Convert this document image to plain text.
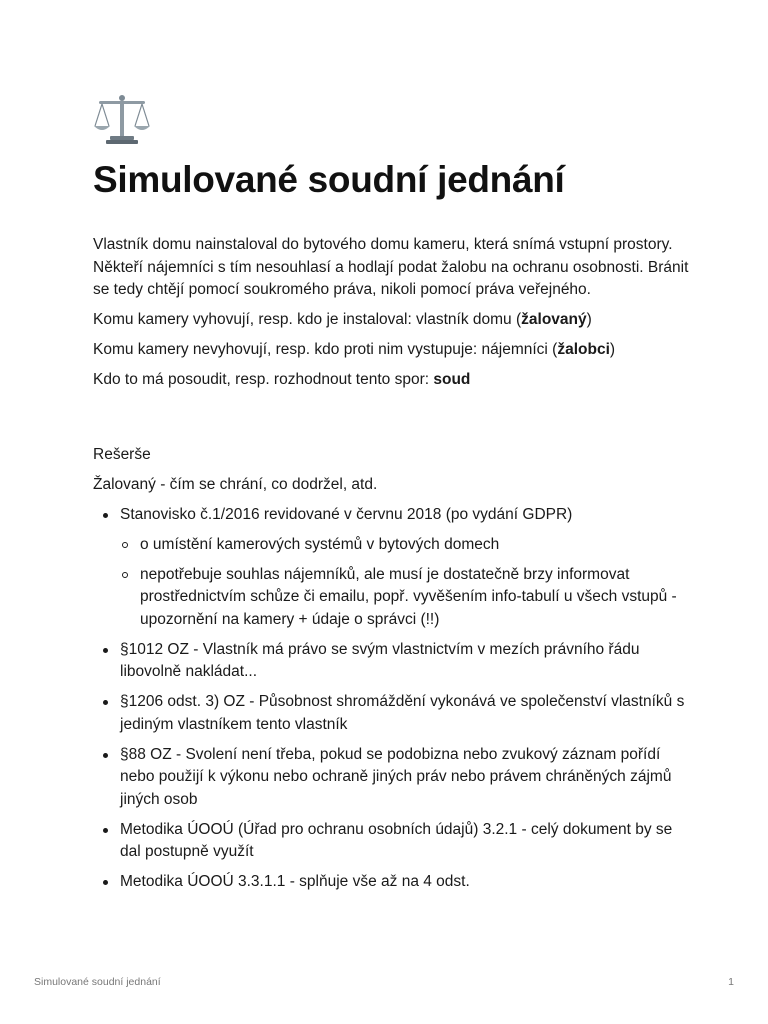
Simulované soudní jednání

Vlastník domu nainstaloval do bytového domu kameru, která snímá vstupní prostory. Někteří nájemníci s tím nesouhlasí a hodlají podat žalobu na ochranu osobnosti. Bránit se tedy chtějí pomocí soukromého práva, nikoli pomocí práva veřejného.

Komu kamery vyhovují, resp. kdo je instaloval: vlastník domu (žalovaný)

Komu kamery nevyhovují, resp. kdo proti nim vystupuje: nájemníci (žalobci)

Kdo to má posoudit, resp. rozhodnout tento spor: soud

Rešerše

Žalovaný - čím se chrání, co dodržel, atd.

Stanovisko č.1/2016 revidované v červnu 2018 (po vydání GDPR)
o umístění kamerových systémů v bytových domech
nepotřebuje souhlas nájemníků, ale musí je dostatečně brzy informovat prostřednictvím schůze či emailu, popř. vyvěšením info-tabulí u všech vstupů - upozornění na kamery + údaje o správci (!!)
§1012 OZ - Vlastník má právo se svým vlastnictvím v mezích právního řádu libovolně nakládat...
§1206 odst. 3) OZ - Působnost shromáždění vykonává ve společenství vlastníků s jediným vlastníkem tento vlastník
§88 OZ - Svolení není třeba, pokud se podobizna nebo zvukový záznam pořídí nebo použijí k výkonu nebo ochraně jiných práv nebo právem chráněných zájmů jiných osob
Metodika ÚOOÚ (Úřad pro ochranu osobních údajů) 3.2.1 - celý dokument by se dal postupně využít
Metodika ÚOOÚ 3.3.1.1 - splňuje vše až na 4 odst.
Simulované soudní jednání	1
